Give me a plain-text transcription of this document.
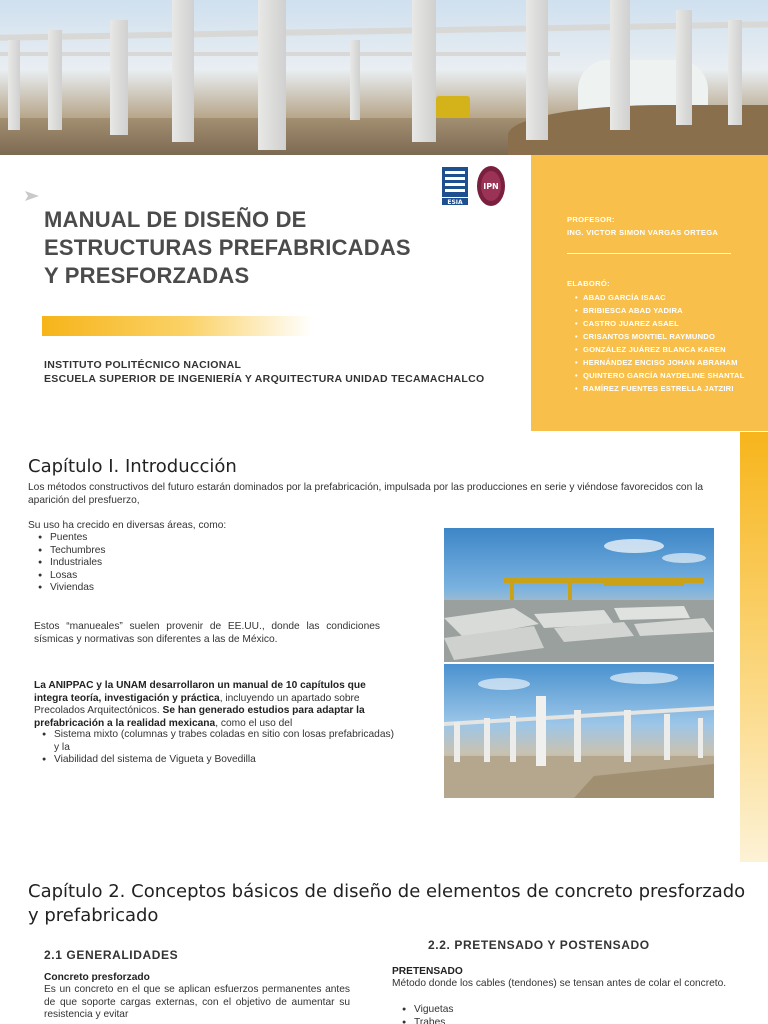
MANUAL DE DISEÑO DE
ESTRUCTURAS PREFABRICADAS
Y PRESFORZADAS
INSTITUTO POLITÉCNICO NACIONAL
ESCUELA SUPERIOR DE INGENIERÍA Y ARQUITECTURA UNIDAD TECAMACHALCO
ESIA
IPN
PROFESOR:
ING. VICTOR SIMON VARGAS ORTEGA
ELABORÓ:
• ABAD GARCÍA ISAAC
• BRIBIESCA ABAD YADIRA
• CASTRO JUAREZ ASAEL
• CRISANTOS MONTIEL RAYMUNDO
• GONZÁLEZ JUÁREZ BLANCA KAREN
• HERNÁNDEZ ENCISO JOHAN ABRAHAM
• QUINTERO GARCÍA NAYDELINE SHANTAL
• RAMÍREZ FUENTES ESTRELLA JATZIRI
Capítulo I. Introducción

Los métodos constructivos del futuro estarán dominados por la prefabricación, impulsada por las producciones en serie y viéndose favorecidos con la aparición del presfuerzo,

Su uso ha crecido en diversas áreas, como:

● Puentes
● Techumbres
● Industriales
● Losas
● Viviendas

Estos “manueales” suelen provenir de EE.UU., donde las condiciones sísmicas y normativas son diferentes a las de México.

La ANIPPAC y la UNAM desarrollaron un manual de 10 capítulos que integra teoría, investigación y práctica, incluyendo un apartado sobre Precolados Arquitectónicos. Se han generado estudios para adaptar la prefabricación a la realidad mexicana, como el uso del

● Sistema mixto (columnas y trabes coladas en sitio con losas prefabricadas) y la
● Viabilidad del sistema de Vigueta y Bovedilla
Capítulo 2. Conceptos básicos de diseño de elementos de concreto presforzado y prefabricado
2.1 GENERALIDADES
2.2. PRETENSADO Y POSTENSADO
Concreto presforzado

Es un concreto en el que se aplican esfuerzos permanentes antes de que soporte cargas externas, con el objetivo de aumentar su resistencia y evitar

PRETENSADO

Método donde los cables (tendones) se tensan antes de colar el concreto.

● Viguetas
● Trabes
